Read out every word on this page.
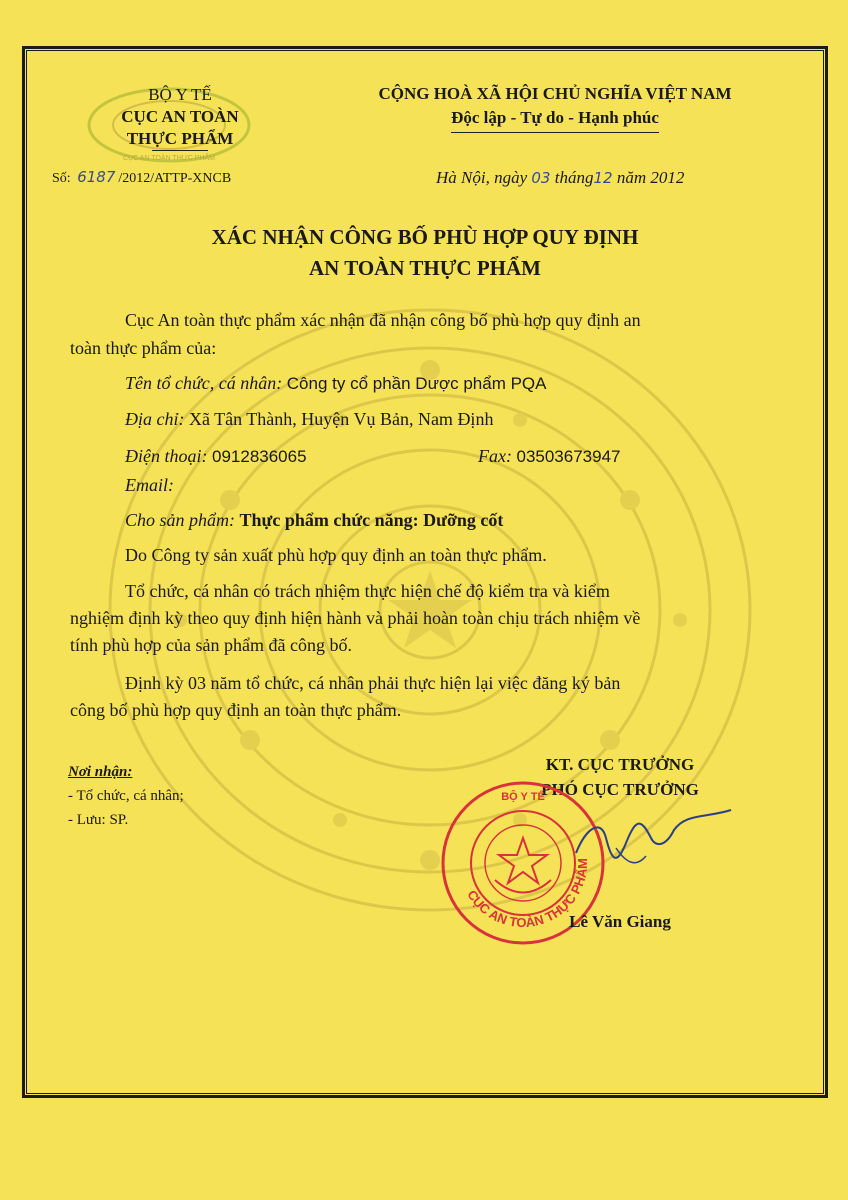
CỤC AN TOÀN THỰC PHẨM
BỘ Y TẾ
CỤC AN TOÀN
THỰC PHẨM
CỘNG HOÀ XÃ HỘI CHỦ NGHĨA VIỆT NAM
Độc lập - Tự do - Hạnh phúc
Số: 6187 /2012/ATTP-XNCB	Hà Nội, ngày 03 tháng12 năm 2012
XÁC NHẬN CÔNG BỐ PHÙ HỢP QUY ĐỊNH
AN TOÀN THỰC PHẨM
Cục An toàn thực phẩm xác nhận đã nhận công bố phù hợp quy định an
toàn thực phẩm của:
Tên tổ chức, cá nhân: Công ty cổ phần Dược phẩm PQA
Địa chỉ: Xã Tân Thành, Huyện Vụ Bản, Nam Định
Điện thoại: 0912836065	Fax: 03503673947
Email:
Cho sản phẩm: Thực phẩm chức năng: Dưỡng cốt
Do Công ty sản xuất phù hợp quy định an toàn thực phẩm.
Tổ chức, cá nhân có trách nhiệm thực hiện chế độ kiểm tra và kiểm
nghiệm định kỳ theo quy định hiện hành và phải hoàn toàn chịu trách nhiệm về
tính phù hợp của sản phẩm đã công bố.
Định kỳ 03 năm tổ chức, cá nhân phải thực hiện lại việc đăng ký bản
công bố phù hợp quy định an toàn thực phẩm.
Nơi nhận:
- Tổ chức, cá nhân;
- Lưu: SP.
KT. CỤC TRƯỞNG
PHÓ CỤC TRƯỞNG
CỤC AN TOÀN THỰC PHẨM
BỘ Y TẾ
Lê Văn Giang
